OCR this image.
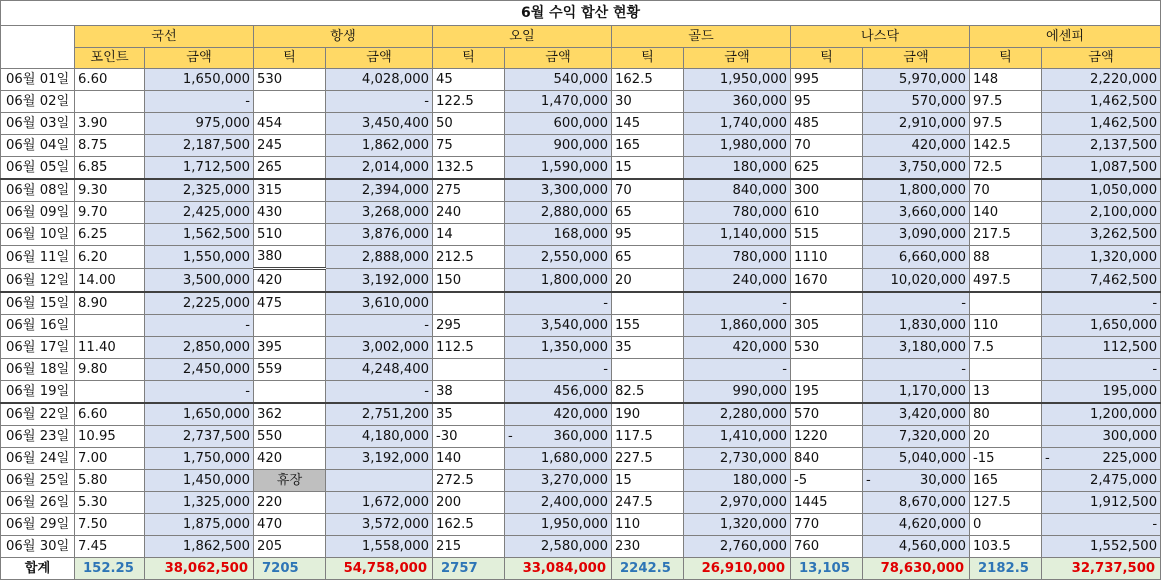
6월 수익 합산 현황												
	국선		항생		오일		골드		나스닥		에센피	
	포인트	금액	틱	금액	틱	금액	틱	금액	틱	금액	틱	금액
06월 01일	6.60	1,650,000	530	4,028,000	45	540,000	162.5	1,950,000	995	5,970,000	148	2,220,000
06월 02일		-		-	122.5	1,470,000	30	360,000	95	570,000	97.5	1,462,500
06월 03일	3.90	975,000	454	3,450,400	50	600,000	145	1,740,000	485	2,910,000	97.5	1,462,500
06월 04일	8.75	2,187,500	245	1,862,000	75	900,000	165	1,980,000	70	420,000	142.5	2,137,500
06월 05일	6.85	1,712,500	265	2,014,000	132.5	1,590,000	15	180,000	625	3,750,000	72.5	1,087,500
06월 08일	9.30	2,325,000	315	2,394,000	275	3,300,000	70	840,000	300	1,800,000	70	1,050,000
06월 09일	9.70	2,425,000	430	3,268,000	240	2,880,000	65	780,000	610	3,660,000	140	2,100,000
06월 10일	6.25	1,562,500	510	3,876,000	14	168,000	95	1,140,000	515	3,090,000	217.5	3,262,500
06월 11일	6.20	1,550,000	380	2,888,000	212.5	2,550,000	65	780,000	1110	6,660,000	88	1,320,000
06월 12일	14.00	3,500,000	420	3,192,000	150	1,800,000	20	240,000	1670	10,020,000	497.5	7,462,500
06월 15일	8.90	2,225,000	475	3,610,000		-		-		-		-
06월 16일		-		-	295	3,540,000	155	1,860,000	305	1,830,000	110	1,650,000
06월 17일	11.40	2,850,000	395	3,002,000	112.5	1,350,000	35	420,000	530	3,180,000	7.5	112,500
06월 18일	9.80	2,450,000	559	4,248,400		-		-		-		-
06월 19일		-		-	38	456,000	82.5	990,000	195	1,170,000	13	195,000
06월 22일	6.60	1,650,000	362	2,751,200	35	420,000	190	2,280,000	570	3,420,000	80	1,200,000
06월 23일	10.95	2,737,500	550	4,180,000	-30	- 360,000	117.5	1,410,000	1220	7,320,000	20	300,000
06월 24일	7.00	1,750,000	420	3,192,000	140	1,680,000	227.5	2,730,000	840	5,040,000	-15	- 225,000
06월 25일	5.80	1,450,000	휴장		272.5	3,270,000	15	180,000	-5	- 30,000	165	2,475,000
06월 26일	5.30	1,325,000	220	1,672,000	200	2,400,000	247.5	2,970,000	1445	8,670,000	127.5	1,912,500
06월 29일	7.50	1,875,000	470	3,572,000	162.5	1,950,000	110	1,320,000	770	4,620,000	0	-
06월 30일	7.45	1,862,500	205	1,558,000	215	2,580,000	230	2,760,000	760	4,560,000	103.5	1,552,500
합계	152.25	38,062,500	7205	54,758,000	2757	33,084,000	2242.5	26,910,000	13,105	78,630,000	2182.5	32,737,500
